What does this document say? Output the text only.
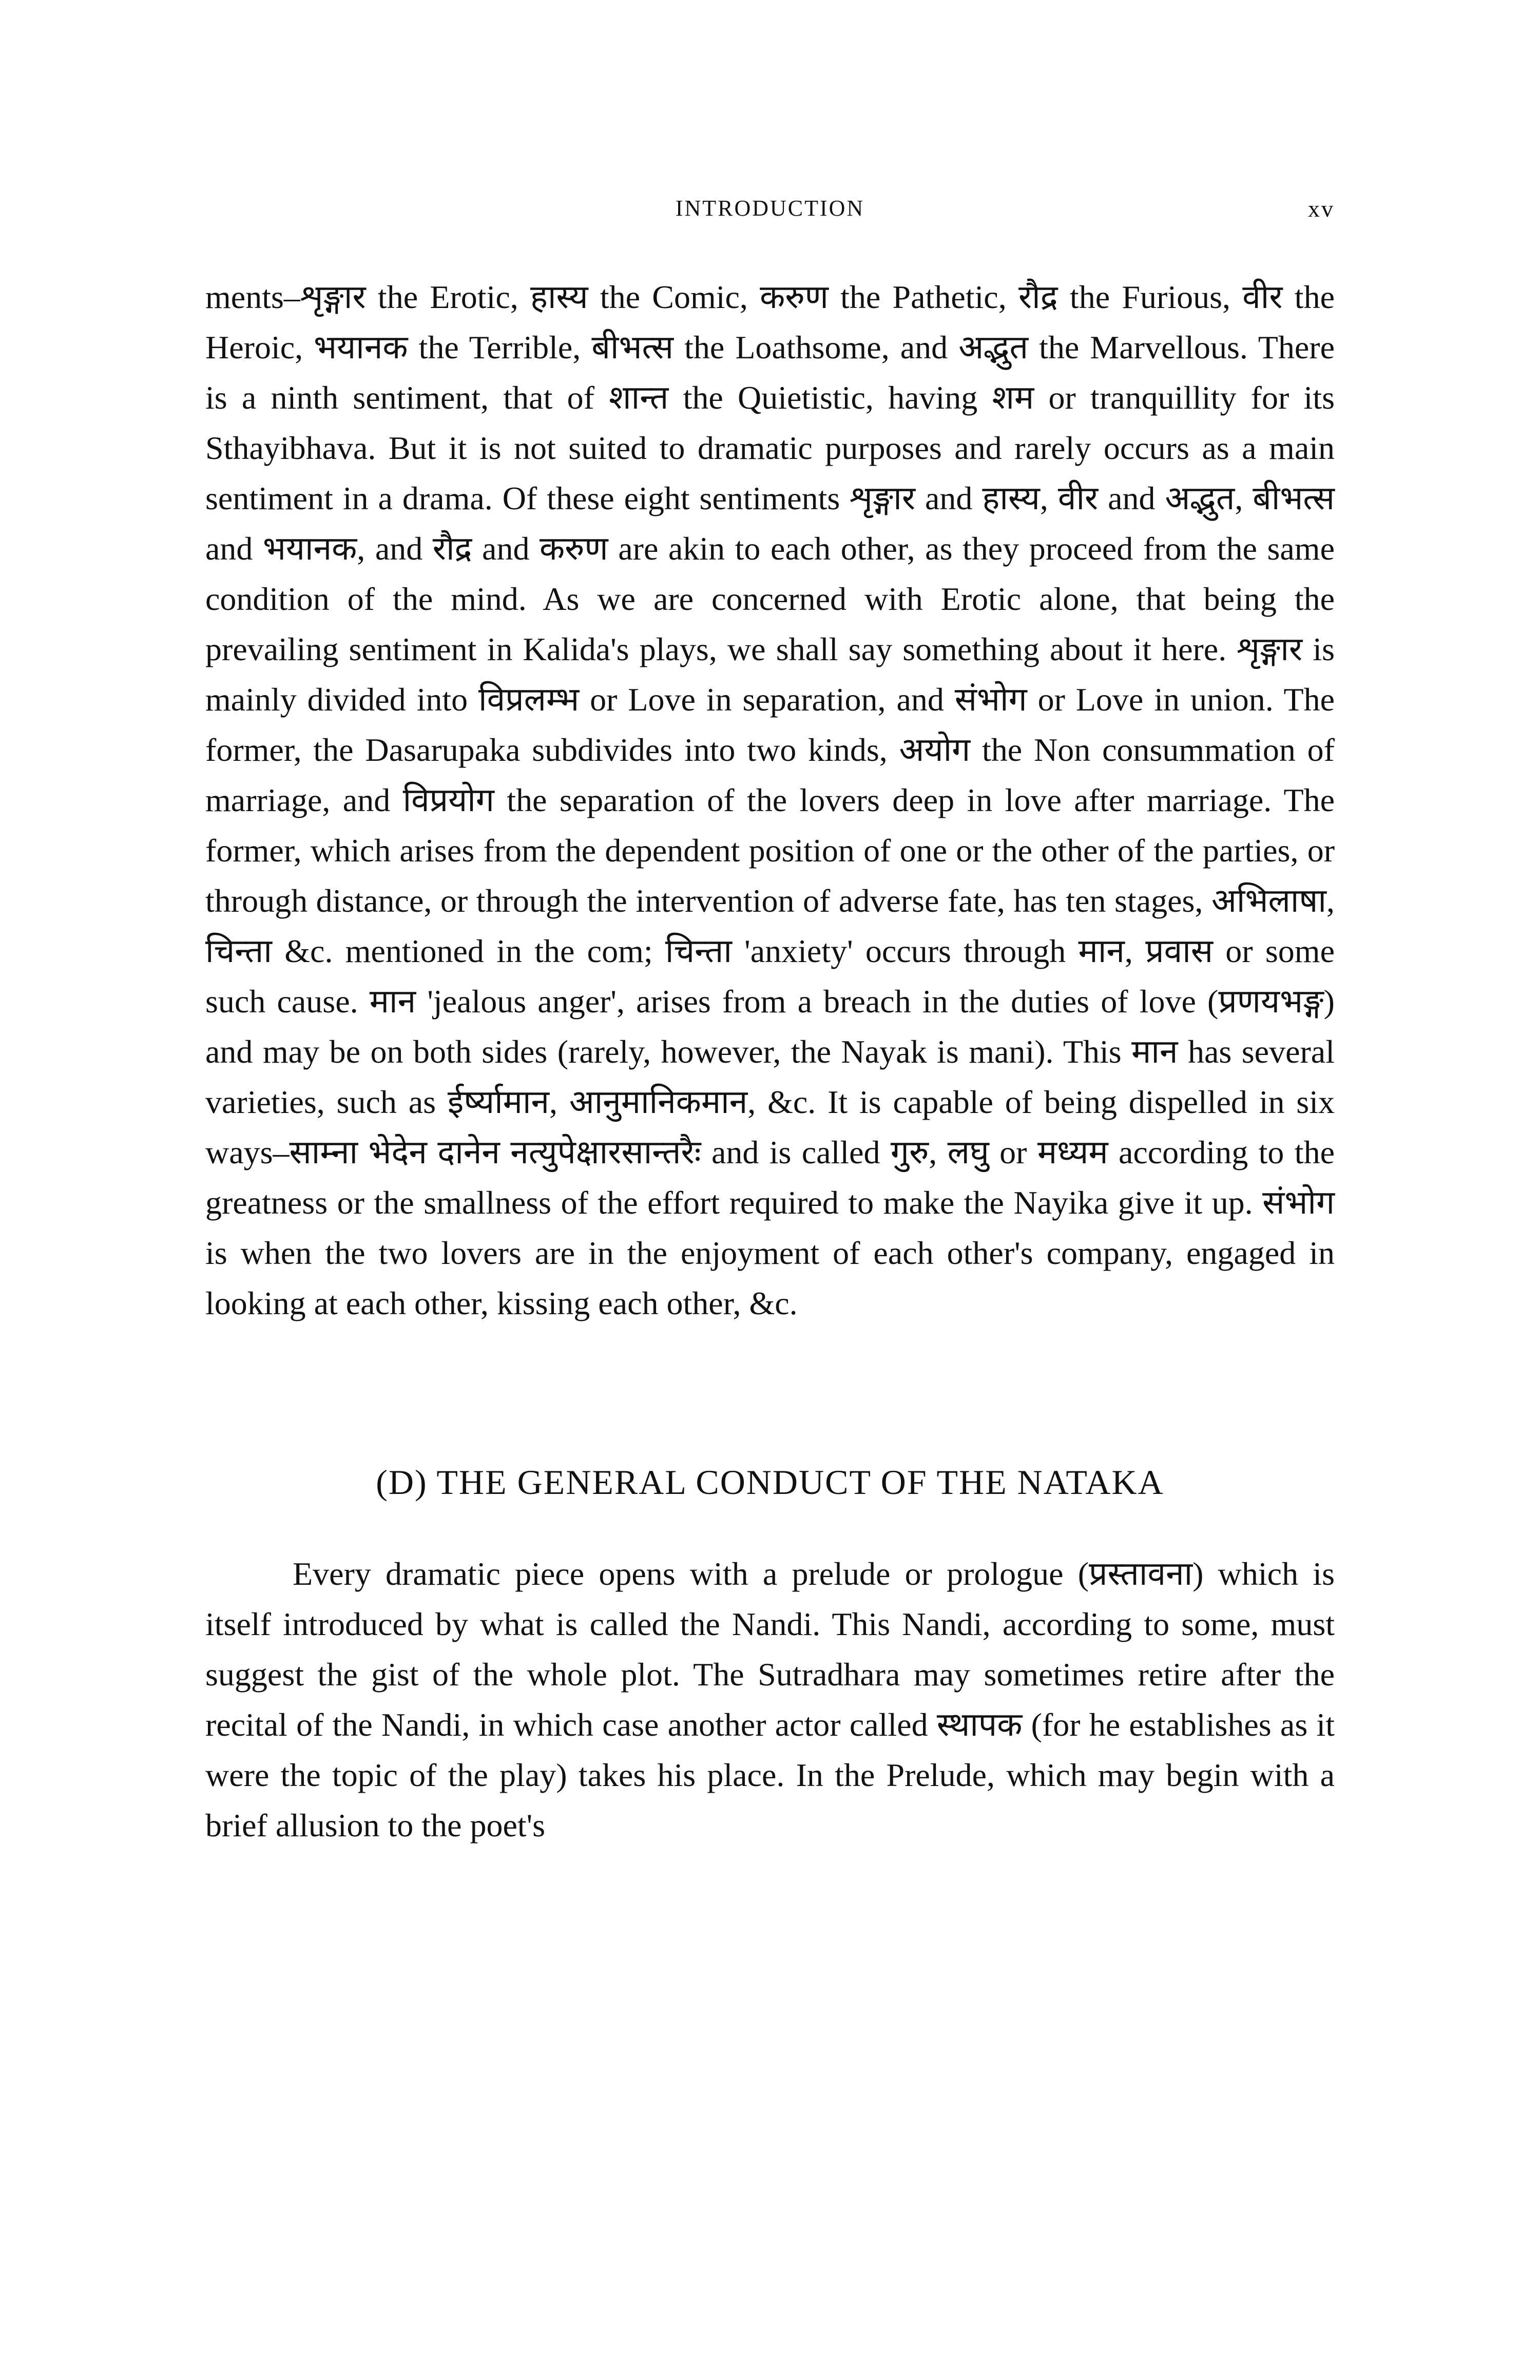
INTRODUCTION	xv

ments–शृङ्गार the Erotic, हास्य the Comic, करुण the Pathetic, रौद्र the Furious, वीर the Heroic, भयानक the Terrible, बीभत्स the Loathsome, and अद्भुत the Marvellous. There is a ninth sentiment, that of शान्त the Quietistic, having शम or tranquillity for its Sthayibhava. But it is not suited to dramatic purposes and rarely occurs as a main sentiment in a drama. Of these eight sentiments शृङ्गार and हास्य, वीर and अद्भुत, बीभत्स and भयानक, and रौद्र and करुण are akin to each other, as they proceed from the same condition of the mind. As we are concerned with Erotic alone, that being the prevailing sentiment in Kalida's plays, we shall say something about it here. शृङ्गार is mainly divided into विप्रलम्भ or Love in separation, and संभोग or Love in union. The former, the Dasarupaka subdivides into two kinds, अयोग the Non consummation of marriage, and विप्रयोग the separation of the lovers deep in love after marriage. The former, which arises from the dependent position of one or the other of the parties, or through distance, or through the intervention of adverse fate, has ten stages, अभिलाषा, चिन्ता &c. mentioned in the com; चिन्ता 'anxiety' occurs through मान, प्रवास or some such cause. मान 'jealous anger', arises from a breach in the duties of love (प्रणयभङ्ग) and may be on both sides (rarely, however, the Nayak is mani). This मान has several varieties, such as ईर्ष्यामान, आनुमानिकमान, &c. It is capable of being dispelled in six ways–साम्ना भेदेन दानेन नत्युपेक्षारसान्तरैः and is called गुरु, लघु or मध्यम according to the greatness or the smallness of the effort required to make the Nayika give it up. संभोग is when the two lovers are in the enjoyment of each other's company, engaged in looking at each other, kissing each other, &c.

(D) THE GENERAL CONDUCT OF THE NATAKA

Every dramatic piece opens with a prelude or prologue (प्रस्तावना) which is itself introduced by what is called the Nandi. This Nandi, according to some, must suggest the gist of the whole plot. The Sutradhara may sometimes retire after the recital of the Nandi, in which case another actor called स्थापक (for he establishes as it were the topic of the play) takes his place. In the Prelude, which may begin with a brief allusion to the poet's
